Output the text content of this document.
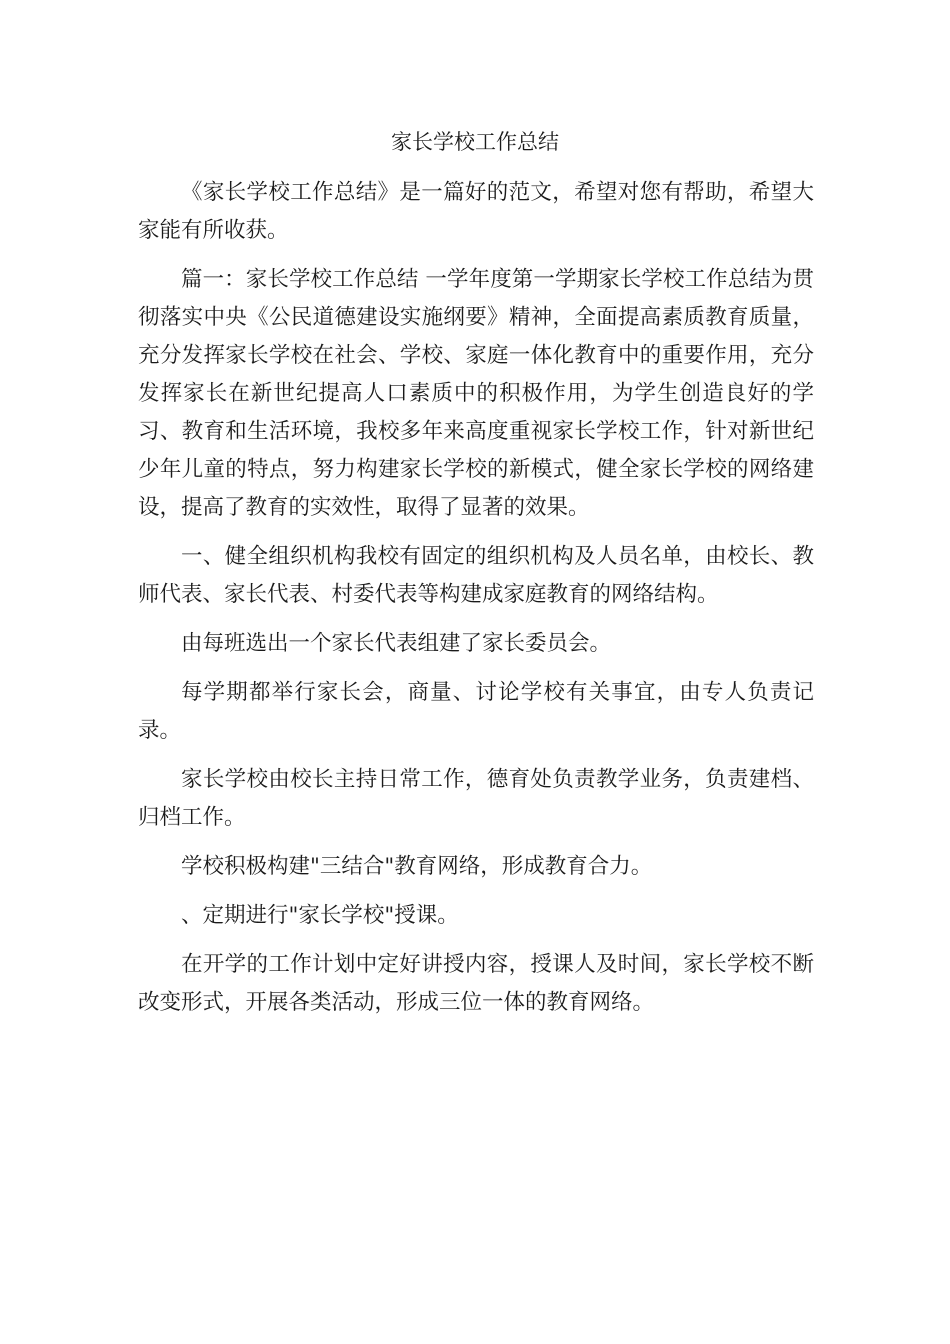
家长学校工作总结

《家长学校工作总结》是一篇好的范文，希望对您有帮助，希望大家能有所收获。

篇一：家长学校工作总结 一学年度第一学期家长学校工作总结为贯彻落实中央《公民道德建设实施纲要》精神，全面提高素质教育质量，充分发挥家长学校在社会、学校、家庭一体化教育中的重要作用，充分发挥家长在新世纪提高人口素质中的积极作用，为学生创造良好的学习、教育和生活环境，我校多年来高度重视家长学校工作，针对新世纪少年儿童的特点，努力构建家长学校的新模式，健全家长学校的网络建设，提高了教育的实效性，取得了显著的效果。

一、健全组织机构我校有固定的组织机构及人员名单，由校长、教师代表、家长代表、村委代表等构建成家庭教育的网络结构。

由每班选出一个家长代表组建了家长委员会。

每学期都举行家长会，商量、讨论学校有关事宜，由专人负责记录。

家长学校由校长主持日常工作，德育处负责教学业务，负责建档、归档工作。

学校积极构建"三结合"教育网络，形成教育合力。

、定期进行"家长学校"授课。

在开学的工作计划中定好讲授内容，授课人及时间，家长学校不断改变形式，开展各类活动，形成三位一体的教育网络。
